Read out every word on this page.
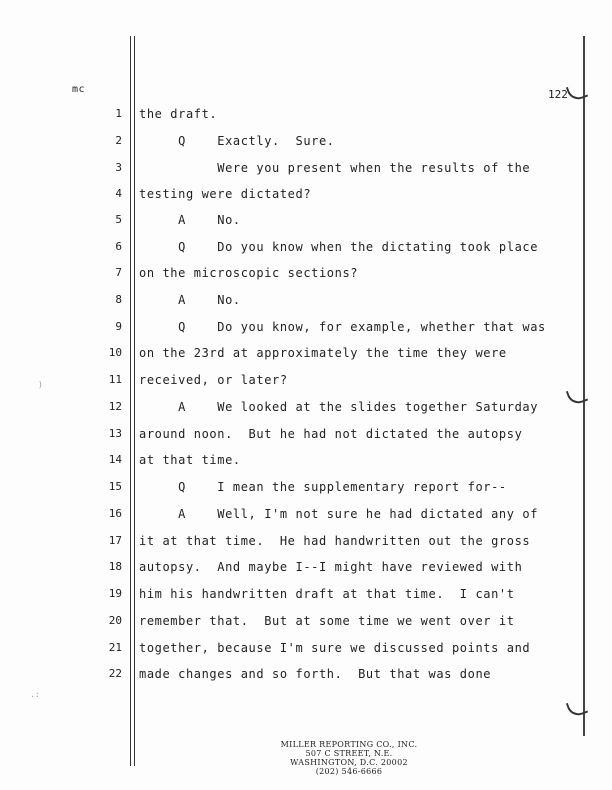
mc	122
)
.:
1 the draft.
2 Q    Exactly.  Sure.
3 Were you present when the results of the
4 testing were dictated?
5 A    No.
6 Q    Do you know when the dictating took place
7 on the microscopic sections?
8 A    No.
9 Q    Do you know, for example, whether that was
10 on the 23rd at approximately the time they were
11 received, or later?
12 A    We looked at the slides together Saturday
13 around noon.  But he had not dictated the autopsy
14 at that time.
15 Q    I mean the supplementary report for--
16 A    Well, I'm not sure he had dictated any of
17 it at that time.  He had handwritten out the gross
18 autopsy.  And maybe I--I might have reviewed with
19 him his handwritten draft at that time.  I can't
20 remember that.  But at some time we went over it
21 together, because I'm sure we discussed points and
22 made changes and so forth.  But that was done
MILLER REPORTING CO., INC.
507 C STREET, N.E.
WASHINGTON, D.C. 20002
(202) 546-6666
